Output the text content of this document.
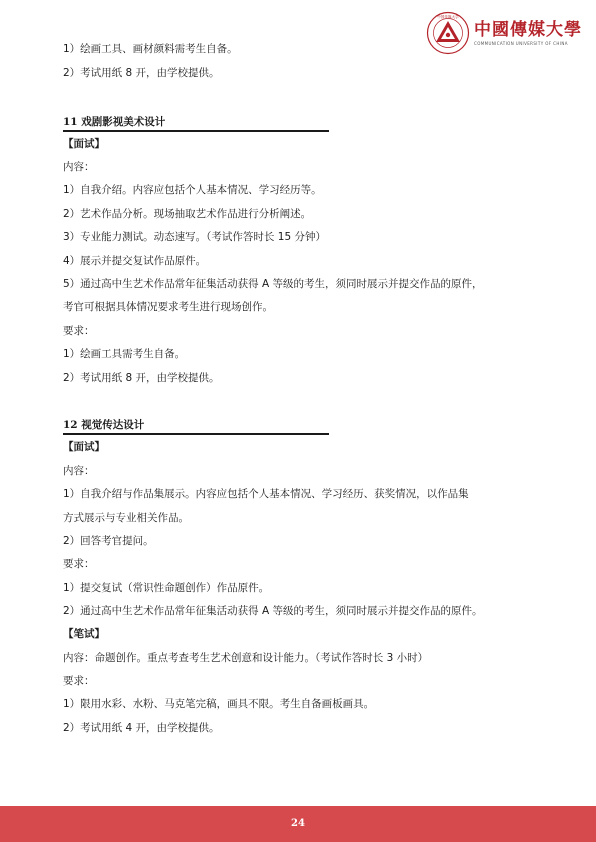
中国传媒大学
中國傳媒大學
COMMUNICATION UNIVERSITY OF CHINA
1）绘画工具、画材颜料需考生自备。
2）考试用纸 8 开，由学校提供。
11 戏剧影视美术设计
【面试】
内容：
1）自我介绍。内容应包括个人基本情况、学习经历等。
2）艺术作品分析。现场抽取艺术作品进行分析阐述。
3）专业能力测试。动态速写。（考试作答时长 15 分钟）
4）展示并提交复试作品原件。
5）通过高中生艺术作品常年征集活动获得 A 等级的考生，须同时展示并提交作品的原件，
考官可根据具体情况要求考生进行现场创作。
要求：
1）绘画工具需考生自备。
2）考试用纸 8 开，由学校提供。
12 视觉传达设计
【面试】
内容：
1）自我介绍与作品集展示。内容应包括个人基本情况、学习经历、获奖情况，以作品集
方式展示与专业相关作品。
2）回答考官提问。
要求：
1）提交复试（常识性命题创作）作品原件。
2）通过高中生艺术作品常年征集活动获得 A 等级的考生，须同时展示并提交作品的原件。
【笔试】
内容：命题创作。重点考查考生艺术创意和设计能力。（考试作答时长 3 小时）
要求：
1）限用水彩、水粉、马克笔完稿，画具不限。考生自备画板画具。
2）考试用纸 4 开，由学校提供。
24
